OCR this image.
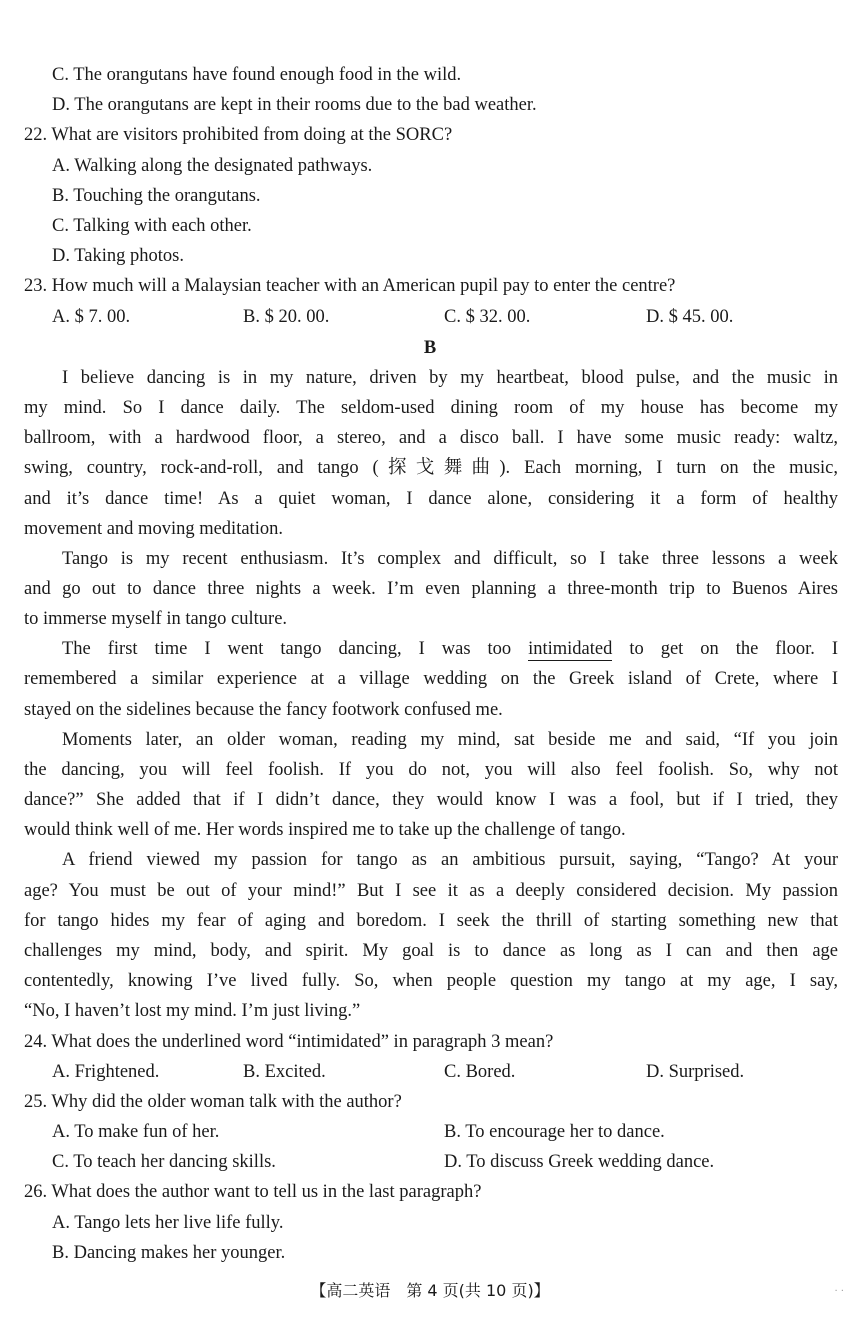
C. The orangutans have found enough food in the wild.
D. The orangutans are kept in their rooms due to the bad weather.
22. What are visitors prohibited from doing at the SORC?
A. Walking along the designated pathways.
B. Touching the orangutans.
C. Talking with each other.
D. Taking photos.
23. How much will a Malaysian teacher with an American pupil pay to enter the centre?
A. $ 7. 00.	B. $ 20. 00.	C. $ 32. 00.	D. $ 45. 00.
B
I believe dancing is in my nature, driven by my heartbeat, blood pulse, and the music in
my mind. So I dance daily. The seldom-used dining room of my house has become my
ballroom, with a hardwood floor, a stereo, and a disco ball. I have some music ready: waltz,
swing, country, rock-and-roll, and tango (探戈舞曲). Each morning, I turn on the music,
and it’s dance time! As a quiet woman, I dance alone, considering it a form of healthy
movement and moving meditation.
Tango is my recent enthusiasm. It’s complex and difficult, so I take three lessons a week
and go out to dance three nights a week. I’m even planning a three-month trip to Buenos Aires
to immerse myself in tango culture.
The first time I went tango dancing, I was too intimidated to get on the floor. I
remembered a similar experience at a village wedding on the Greek island of Crete, where I
stayed on the sidelines because the fancy footwork confused me.
Moments later, an older woman, reading my mind, sat beside me and said, “If you join
the dancing, you will feel foolish. If you do not, you will also feel foolish. So, why not
dance?” She added that if I didn’t dance, they would know I was a fool, but if I tried, they
would think well of me. Her words inspired me to take up the challenge of tango.
A friend viewed my passion for tango as an ambitious pursuit, saying, “Tango? At your
age? You must be out of your mind!” But I see it as a deeply considered decision. My passion
for tango hides my fear of aging and boredom. I seek the thrill of starting something new that
challenges my mind, body, and spirit. My goal is to dance as long as I can and then age
contentedly, knowing I’ve lived fully. So, when people question my tango at my age, I say,
“No, I haven’t lost my mind. I’m just living.”
24. What does the underlined word “intimidated” in paragraph 3 mean?
A. Frightened.	B. Excited.	C. Bored.	D. Surprised.
25. Why did the older woman talk with the author?
A. To make fun of her.	B. To encourage her to dance.
C. To teach her dancing skills.	D. To discuss Greek wedding dance.
26. What does the author want to tell us in the last paragraph?
A. Tango lets her live life fully.
B. Dancing makes her younger.
【高二英语　第 4 页(共 10 页)】	· ·
